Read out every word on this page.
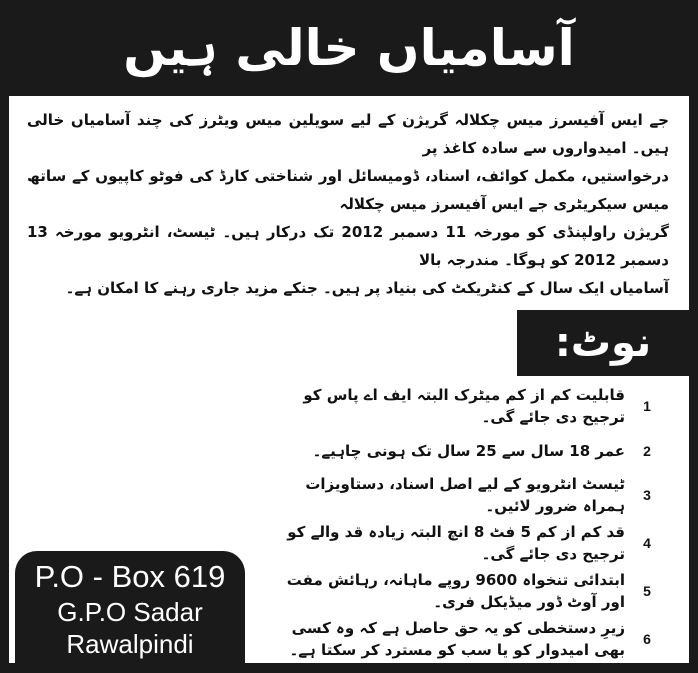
آسامیاں خالی ہیں

جے ایس آفیسرز میس چکلالہ گریژن کے لیے سویلین میس ویٹرز کی چند آسامیاں خالی ہیں۔ امیدواروں سے سادہ کاغذ پر

درخواستیں، مکمل کوائف، اسناد، ڈومیسائل اور شناختی کارڈ کی فوٹو کاپیوں کے ساتھ میس سیکریٹری جے ایس آفیسرز میس چکلالہ

گریژن راولپنڈی کو مورخہ 11 دسمبر 2012 تک درکار ہیں۔ ٹیسٹ، انٹرویو مورخہ 13 دسمبر 2012 کو ہوگا۔ مندرجہ بالا

آسامیاں ایک سال کے کنٹریکٹ کی بنیاد پر ہیں۔ جنکے مزید جاری رہنے کا امکان ہے۔

نوٹ:
P.O - Box 619
G.P.O Sadar
Rawalpindi
1
قابلیت کم از کم میٹرک البتہ ایف اے پاس کو ترجیح دی جائے گی۔
2
عمر 18 سال سے 25 سال تک ہونی چاہیے۔
3
ٹیسٹ انٹرویو کے لیے اصل اسناد، دستاویزات ہمراہ ضرور لائیں۔
4
قد کم از کم 5 فٹ 8 انچ البتہ زیادہ قد والے کو ترجیح دی جائے گی۔
5
ابتدائی تنخواہ 9600 روپے ماہانہ، رہائش مفت اور آوٹ ڈور میڈیکل فری۔
6
زیرِ دستخطی کو یہ حق حاصل ہے کہ وہ کسی بھی امیدوار کو یا سب کو مسترد کر سکتا ہے۔
